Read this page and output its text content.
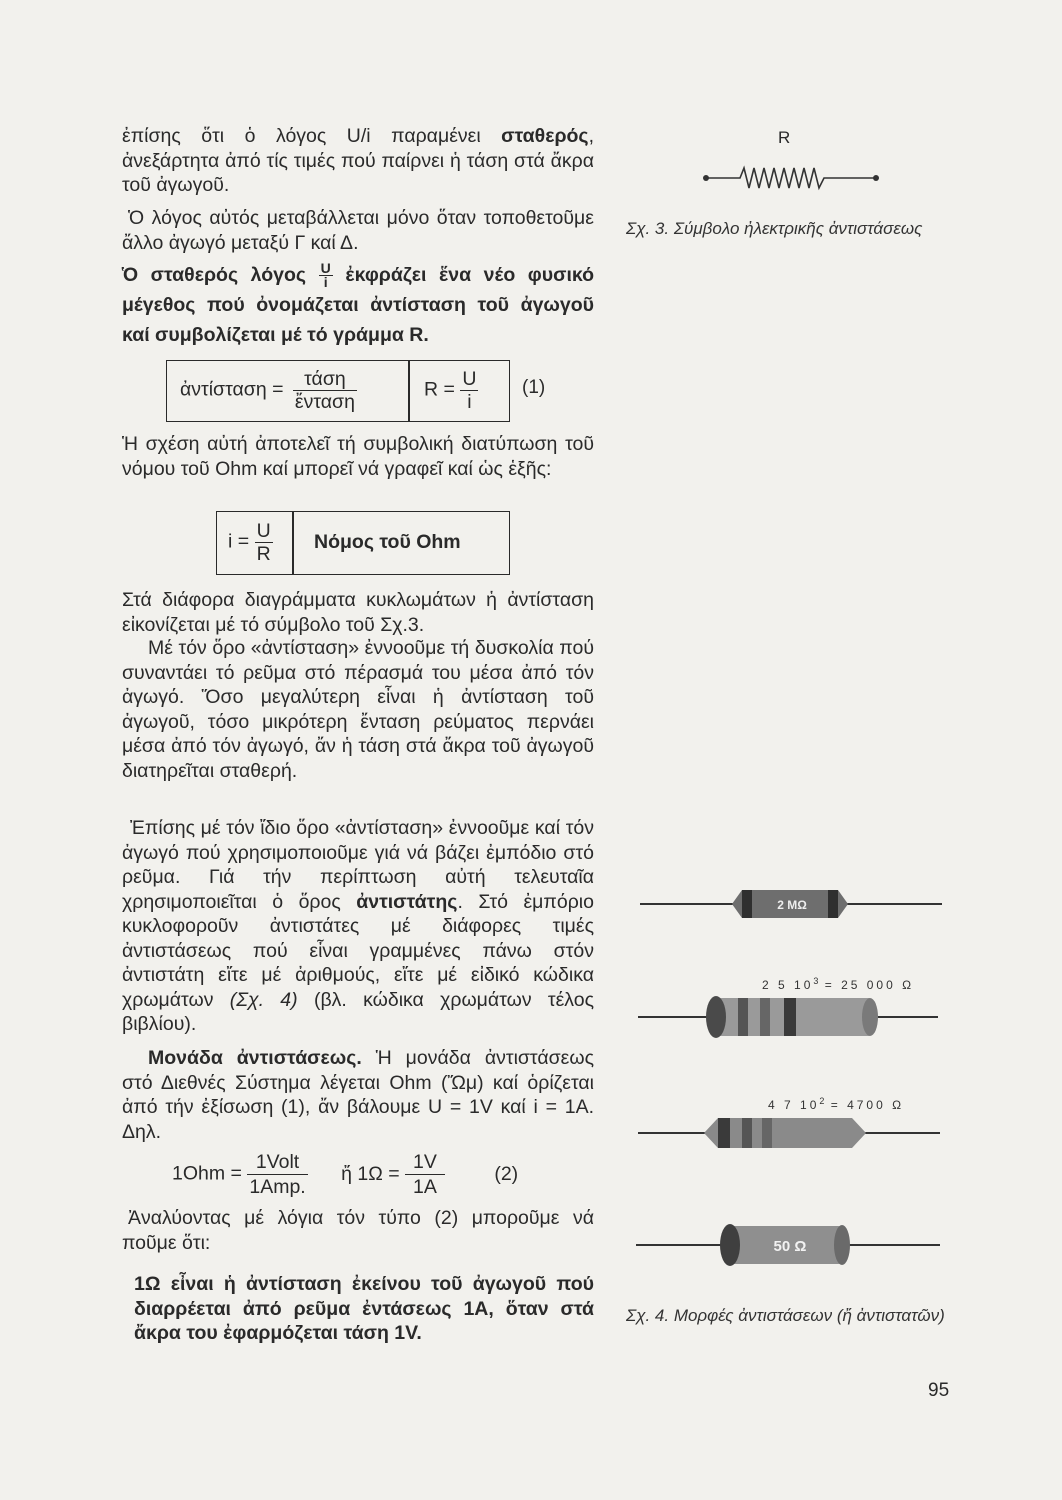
ἐπίσης ὅτι ὁ λόγος U/i παραμένει σταθερός, ἀνεξάρτητα ἀπό τίς τιμές πού παίρνει ἡ τάση στά ἄκρα τοῦ ἀγωγοῦ.

Ὁ λόγος αὐτός μεταβάλλεται μόνο ὅταν τοποθετοῦμε ἄλλο ἀγωγό μεταξύ Γ καί Δ.

Ὁ σταθερός λόγος $\frac{U}{i}$ ἐκφράζει ἕνα νέο φυσικό μέγεθος πού ὀνομάζεται ἀντίσταση τοῦ ἀγωγοῦ καί συμβολίζεται μέ τό γράμμα R.

ἀντίσταση = $\frac{\text{τάση}}{\text{ἔνταση}}$	$R = \frac{U}{i} (1)$

Ἡ σχέση αὐτή ἀποτελεῖ τή συμβολική διατύπωση τοῦ νόμου τοῦ Ohm καί μπορεῖ νά γραφεῖ καί ὡς ἑξῆς:

$i = \frac{U}{R}$ Νόμος τοῦ Ohm

Στά διάφορα διαγράμματα κυκλωμάτων ἡ ἀντίσταση εἰκονίζεται μέ τό σύμβολο τοῦ Σχ.3.

Μέ τόν ὅρο «ἀντίσταση» ἐννοοῦμε τή δυσκολία πού συναντάει τό ρεῦμα στό πέρασμά του μέσα ἀπό τόν ἀγωγό. Ὅσο μεγαλύτερη εἶναι ἡ ἀντίσταση τοῦ ἀγωγοῦ, τόσο μικρότερη ἔνταση ρεύματος περνάει μέσα ἀπό τόν ἀγωγό, ἄν ἡ τάση στά ἄκρα τοῦ ἀγωγοῦ διατηρεῖται σταθερή.

Ἐπίσης μέ τόν ἴδιο ὅρο «ἀντίσταση» ἐννοοῦμε καί τόν ἀγωγό πού χρησιμοποιοῦμε γιά νά βάζει ἐμπόδιο στό ρεῦμα. Γιά τήν περίπτωση αὐτή τελευταῖα χρησιμοποιεῖται ὁ ὅρος ἀντιστάτης. Στό ἐμπόριο κυκλοφοροῦν ἀντιστάτες μέ διάφορες τιμές ἀντιστάσεως πού εἶναι γραμμένες πάνω στόν ἀντιστάτη εἴτε μέ ἀριθμούς, εἴτε μέ εἰδικό κώδικα χρωμάτων (Σχ. 4) (βλ. κώδικα χρωμάτων τέλος βιβλίου).

Μονάδα ἀντιστάσεως. Ἡ μονάδα ἀντιστάσεως στό Διεθνές Σύστημα λέγεται Ohm (Ὤμ) καί ὁρίζεται ἀπό τήν ἐξίσωση (1), ἄν βάλουμε U = 1V καί i = 1A. Δηλ.

$1Ohm = \frac{\text{1Volt}}{\text{1Amp.}}$ ἤ $1\Omega = \frac{1V}{1A}$	(2)

Ἀναλύοντας μέ λόγια τόν τύπο (2) μποροῦμε νά ποῦμε ὅτι:

1Ω εἶναι ἡ ἀντίσταση ἐκείνου τοῦ ἀγωγοῦ πού διαρρέεται ἀπό ρεῦμα ἐντάσεως 1A, ὅταν στά ἄκρα του ἐφαρμόζεται τάση 1V.

R
Σχ. 3. Σύμβολο ἠλεκτρικῆς ἀντιστάσεως
2 MΩ
2 5 $10^3 = 25$ 000 Ω
4 7 $10^2 = 4700$ Ω
50 Ω
Σχ. 4. Μορφές ἀντιστάσεων (ἤ ἀντιστατῶν)
95
